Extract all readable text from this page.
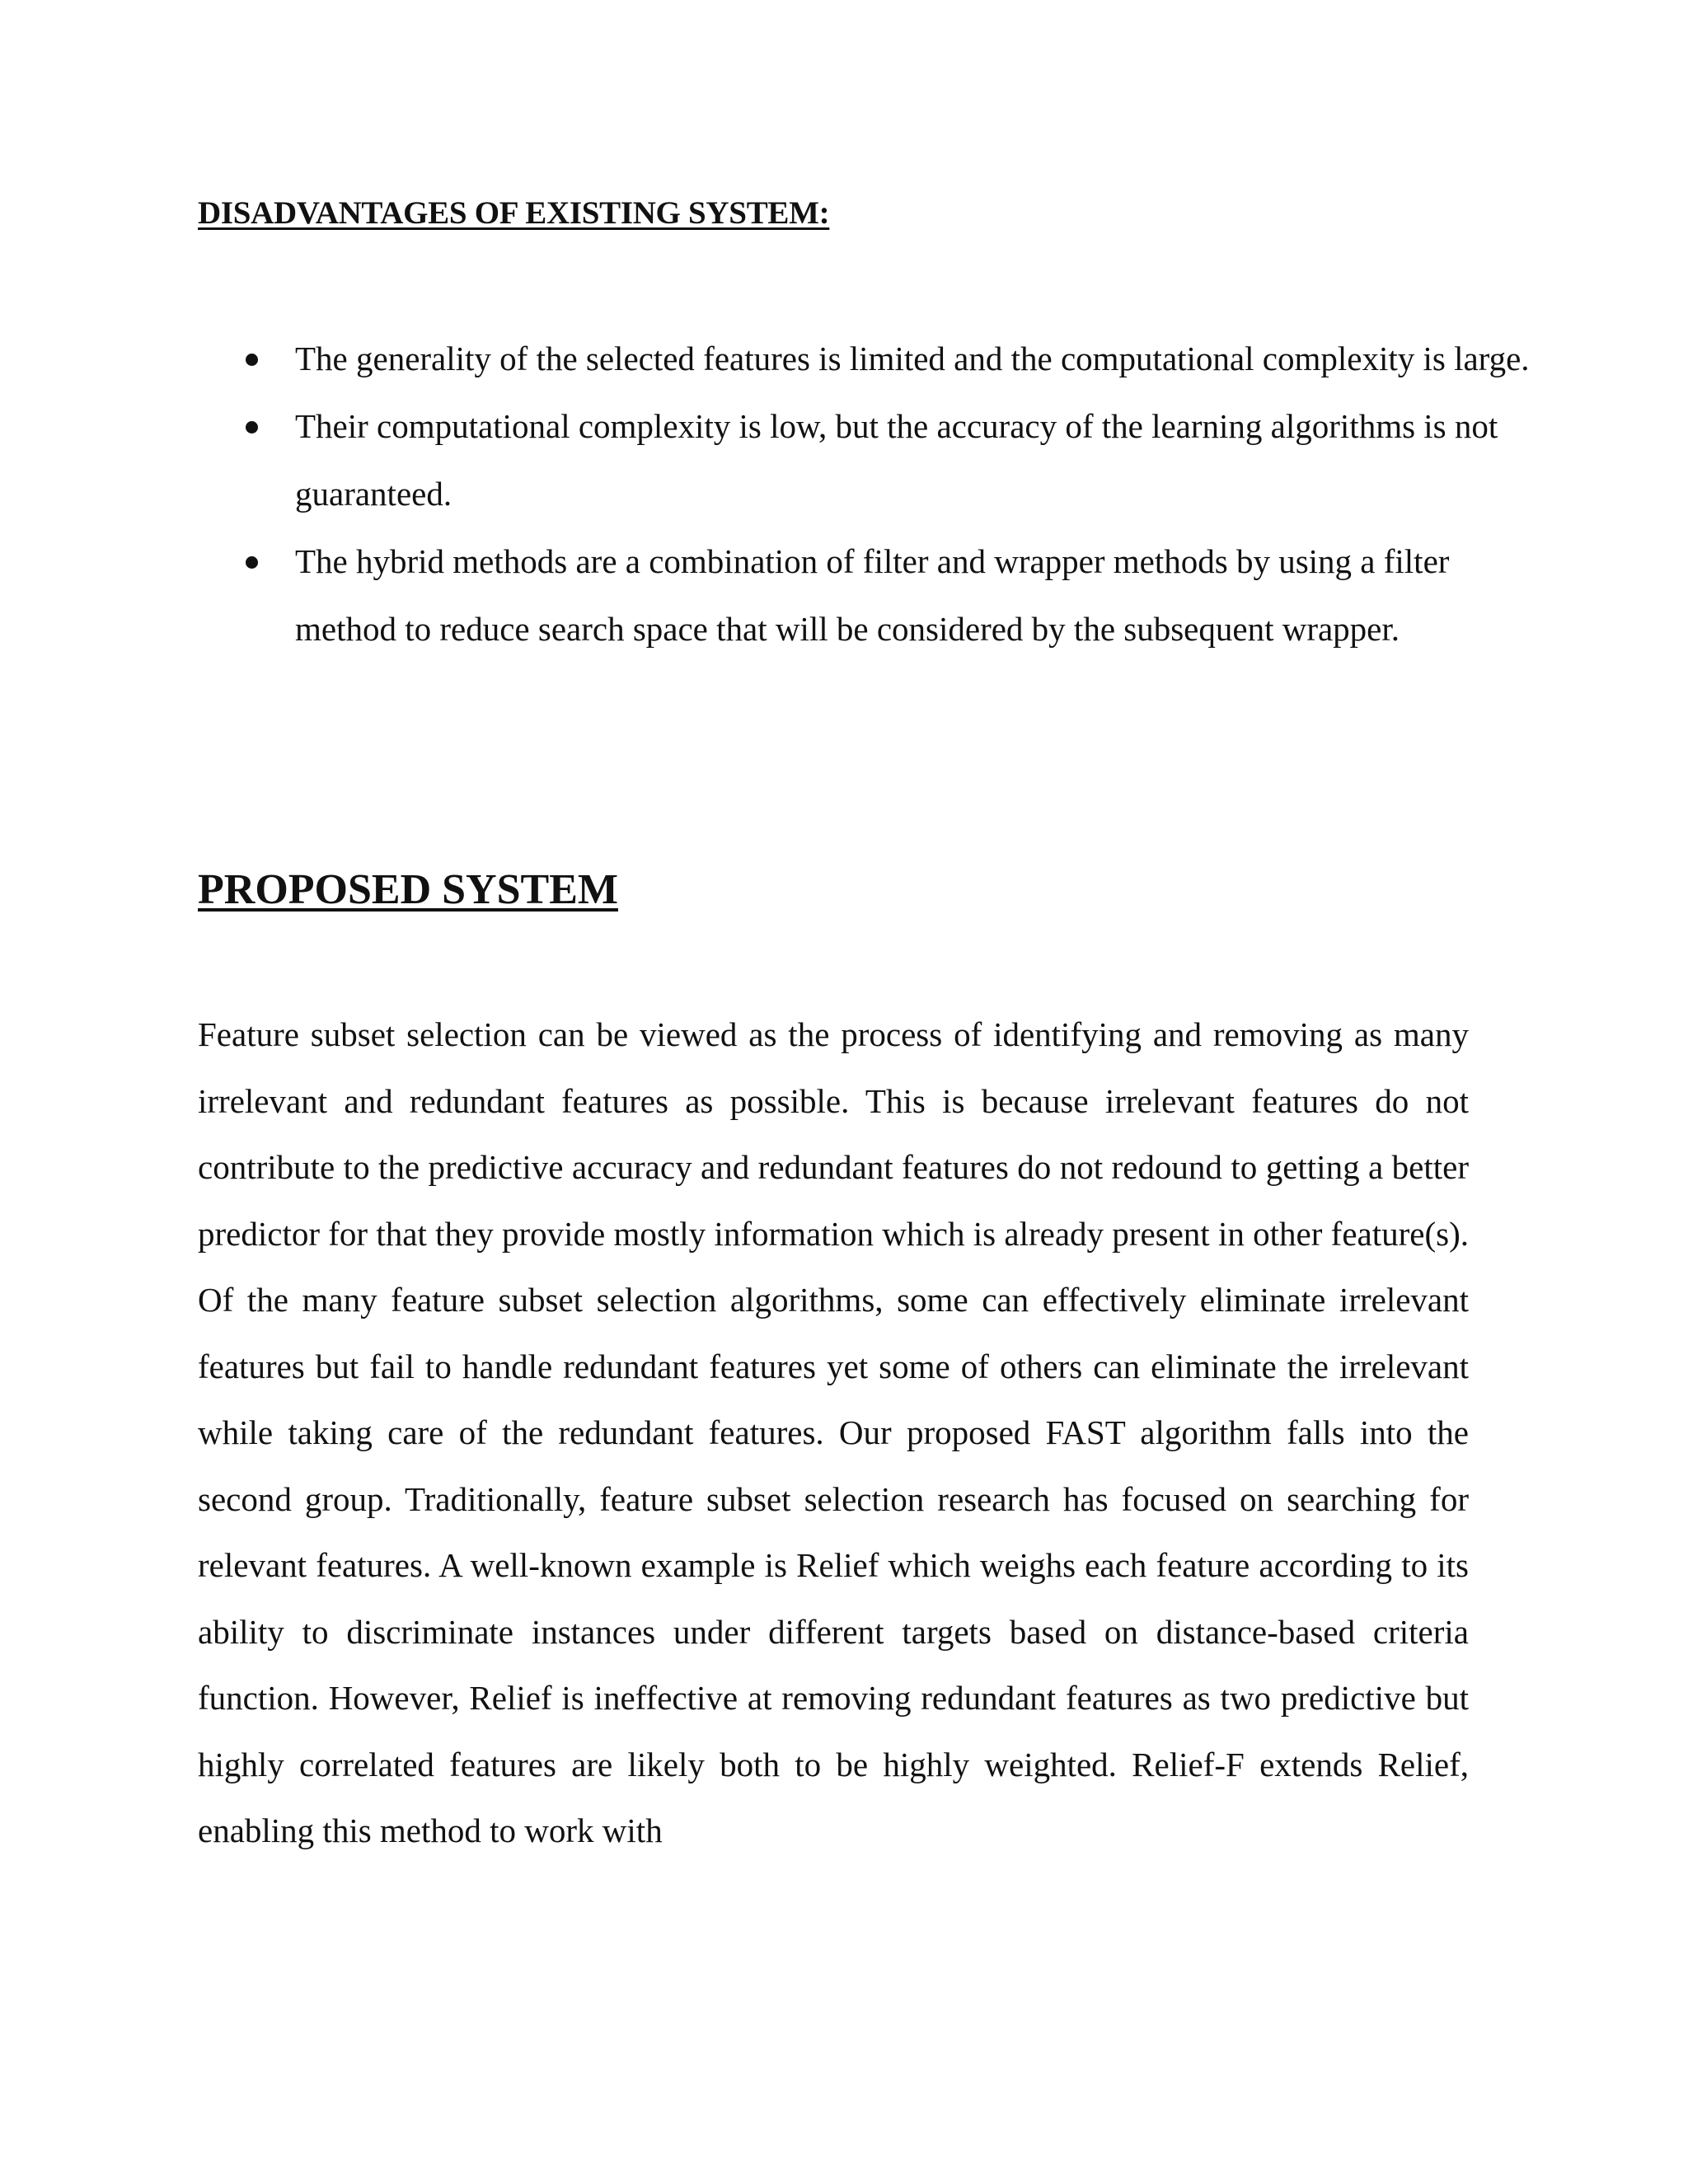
DISADVANTAGES OF EXISTING SYSTEM:
The generality of the selected features is limited and the computational complexity is large.
Their computational complexity is low, but the accuracy of the learning algorithms is not guaranteed.
The hybrid methods are a combination of filter and wrapper methods by using a filter method to reduce search space that will be considered by the subsequent wrapper.
PROPOSED SYSTEM

Feature subset selection can be viewed as the process of identifying and removing as many irrelevant and redundant features as possible. This is because irrelevant features do not contribute to the predictive accuracy and redundant features do not redound to getting a better predictor for that they provide mostly information which is already present in other feature(s). Of the many feature subset selection algorithms, some can effectively eliminate irrelevant features but fail to handle redundant features yet some of others can eliminate the irrelevant while taking care of the redundant features. Our proposed FAST algorithm falls into the second group. Traditionally, feature subset selection research has focused on searching for relevant features. A well-known example is Relief which weighs each feature according to its ability to discriminate instances under different targets based on distance-based criteria function. However, Relief is ineffective at removing redundant features as two predictive but highly correlated features are likely both to be highly weighted. Relief-F extends Relief, enabling this method to work with
